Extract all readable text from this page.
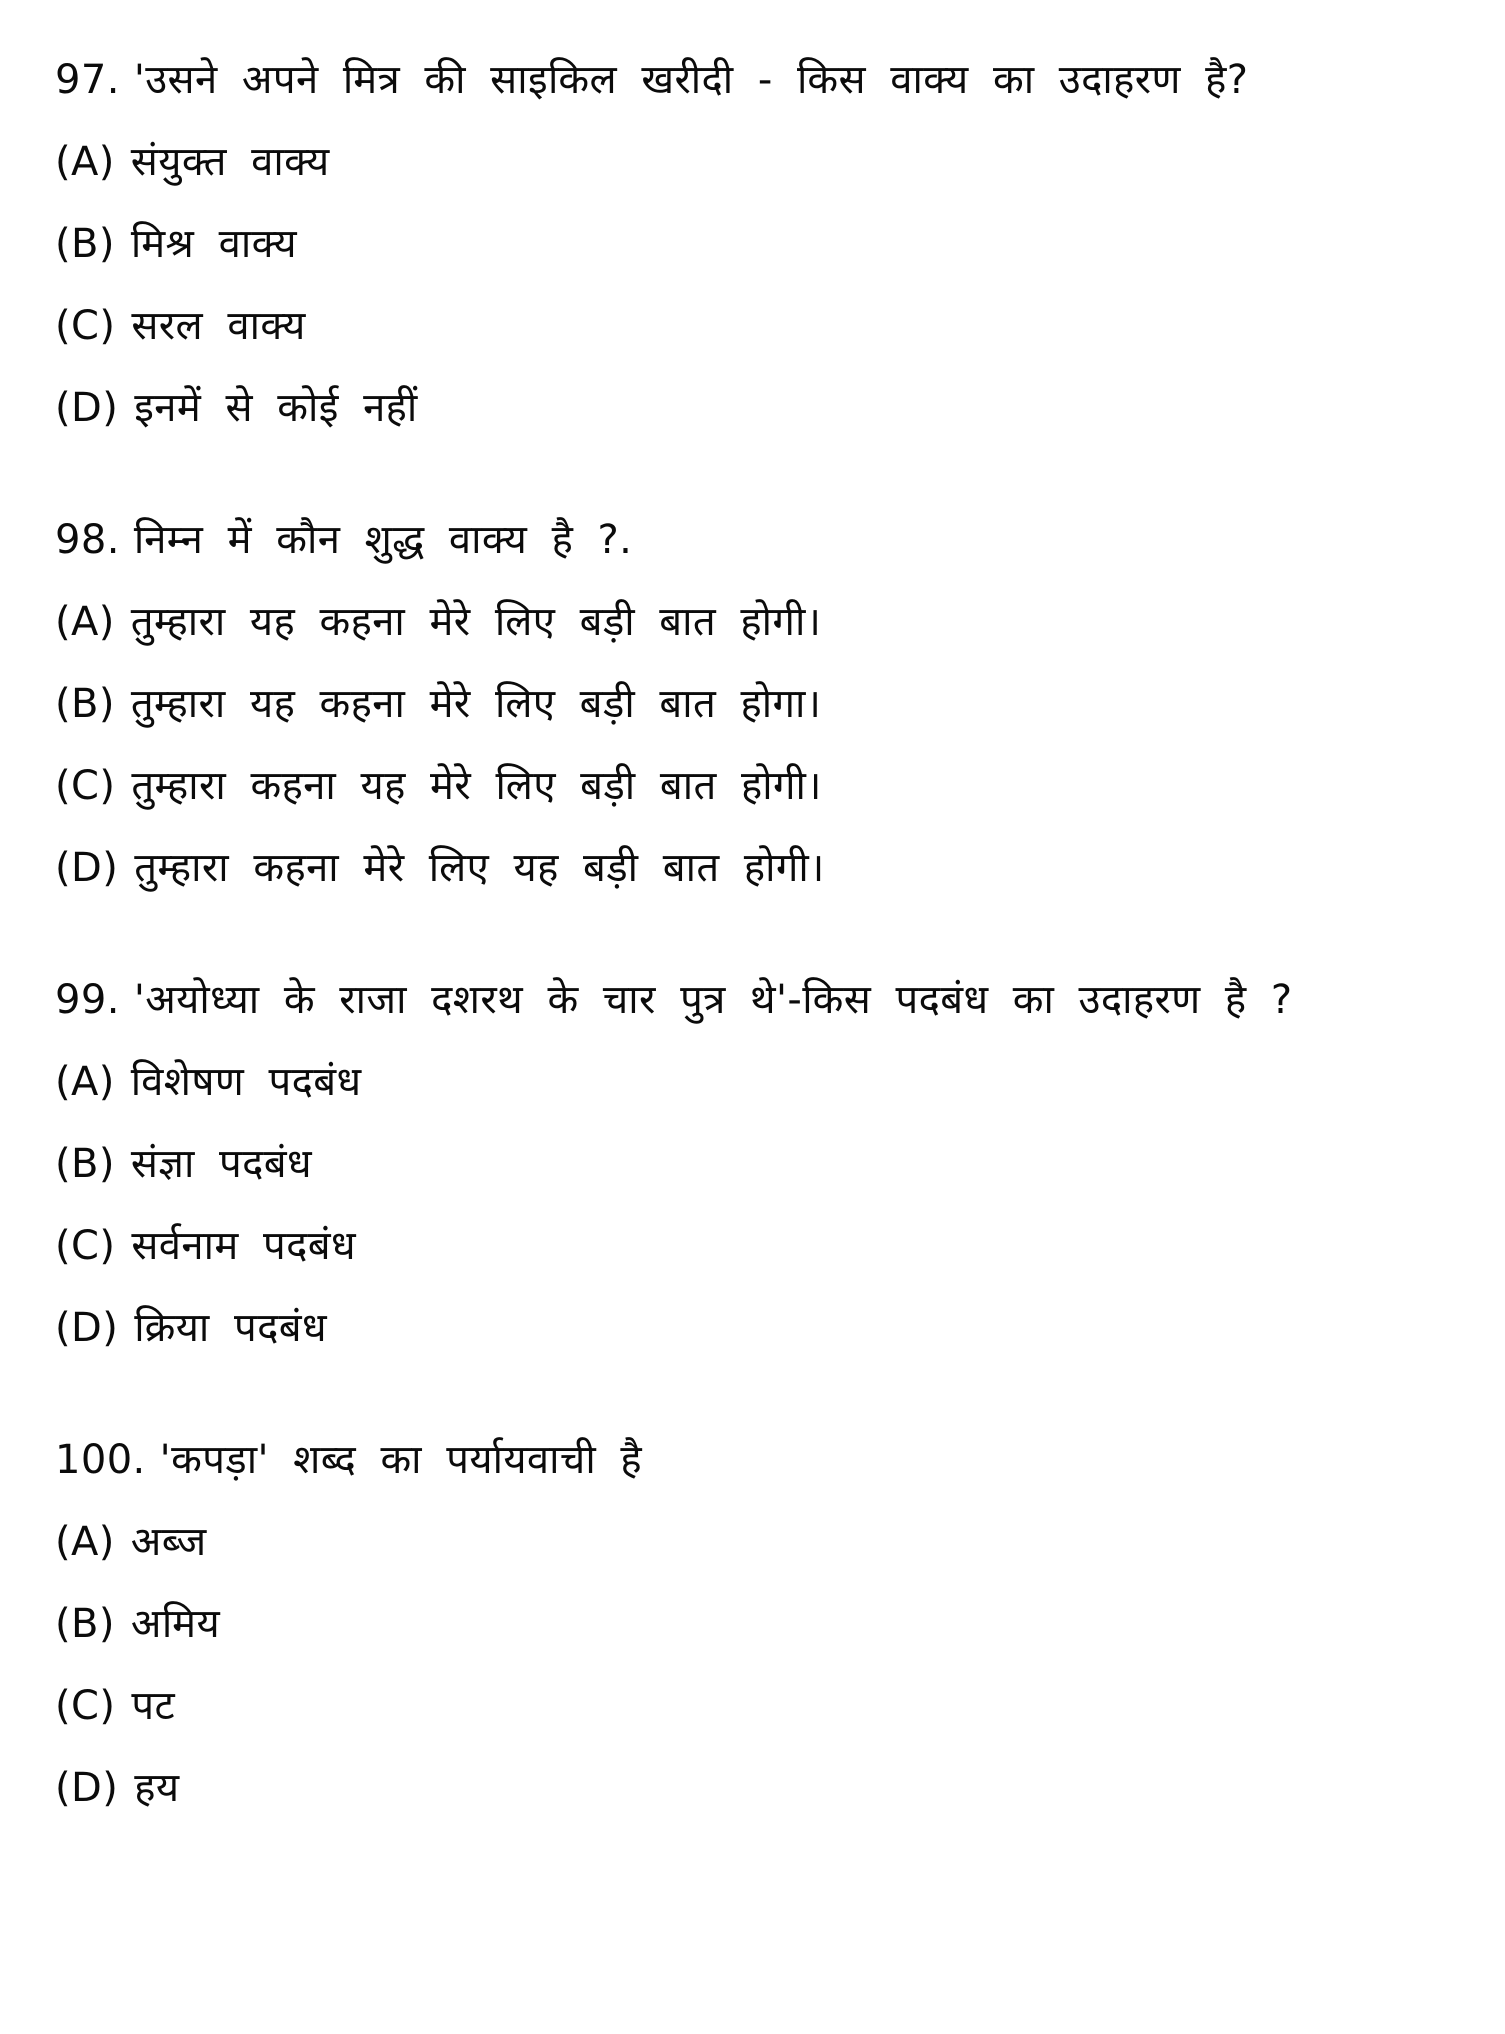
97. 'उसने अपने मित्र की साइकिल खरीदी - किस वाक्य का उदाहरण है?
(A) संयुक्त वाक्य
(B) मिश्र वाक्य
(C) सरल वाक्य
(D) इनमें से कोई नहीं
98. निम्न में कौन शुद्ध वाक्य है ?.
(A) तुम्हारा यह कहना मेरे लिए बड़ी बात होगी।
(B) तुम्हारा यह कहना मेरे लिए बड़ी बात होगा।
(C) तुम्हारा कहना यह मेरे लिए बड़ी बात होगी।
(D) तुम्हारा कहना मेरे लिए यह बड़ी बात होगी।
99. 'अयोध्या के राजा दशरथ के चार पुत्र थे'-किस पदबंध का उदाहरण है ?
(A) विशेषण पदबंध
(B) संज्ञा पदबंध
(C) सर्वनाम पदबंध
(D) क्रिया पदबंध
100. 'कपड़ा' शब्द का पर्यायवाची है
(A) अब्ज
(B) अमिय
(C) पट
(D) हय
